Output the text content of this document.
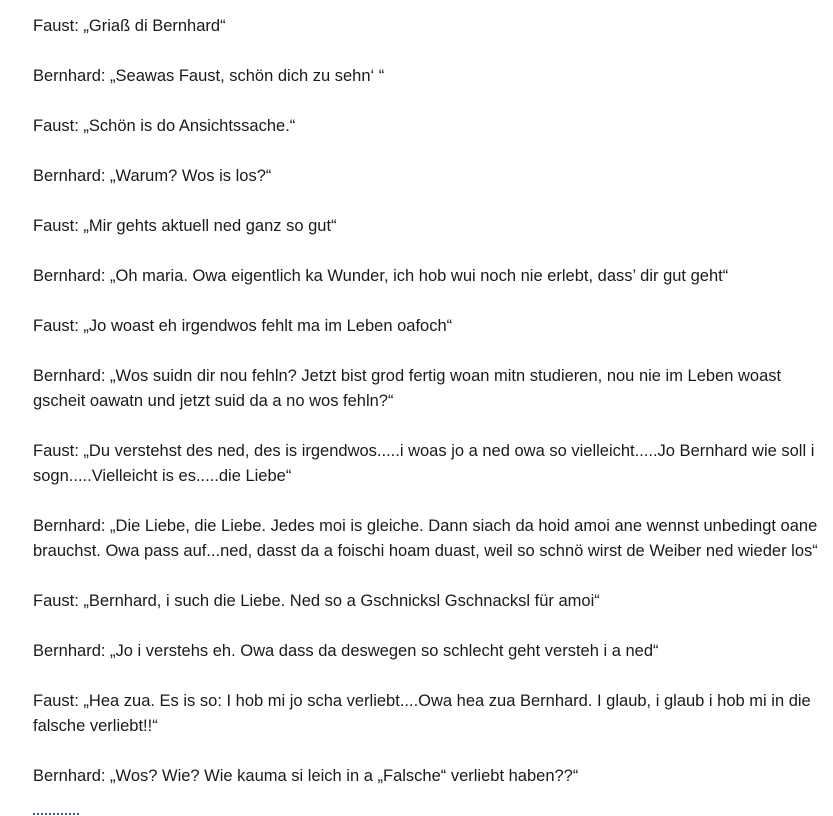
Faust: „Griaß di Bernhard“

Bernhard: „Seawas Faust, schön dich zu sehn‘ “

Faust: „Schön is do Ansichtssache.“

Bernhard: „Warum? Wos is los?“

Faust: „Mir gehts aktuell ned ganz so gut“

Bernhard: „Oh maria. Owa eigentlich ka Wunder, ich hob wui noch nie erlebt, dass’ dir gut geht“

Faust: „Jo woast eh irgendwos fehlt ma im Leben oafoch“

Bernhard: „Wos suidn dir nou fehln? Jetzt bist grod fertig woan mitn studieren, nou nie im Leben woast gscheit oawatn und jetzt suid da a no wos fehln?“

Faust: „Du verstehst des ned, des is irgendwos.....i woas jo a ned owa so vielleicht.....Jo Bernhard wie soll i sogn.....Vielleicht is es.....die Liebe“

Bernhard: „Die Liebe, die Liebe. Jedes moi is gleiche. Dann siach da hoid amoi ane wennst unbedingt oane brauchst. Owa pass auf...ned, dasst da a foischi hoam duast, weil so schnö wirst de Weiber ned wieder los“

Faust: „Bernhard, i such die Liebe. Ned so a Gschnicksl Gschnacksl für amoi“

Bernhard: „Jo i verstehs eh. Owa dass da deswegen so schlecht geht versteh i a ned“

Faust: „Hea zua. Es is so: I hob mi jo scha verliebt....Owa hea zua Bernhard. I glaub, i glaub i hob mi in die falsche verliebt!!“

Bernhard: „Wos? Wie? Wie kauma si leich in a „Falsche“ verliebt haben??“
